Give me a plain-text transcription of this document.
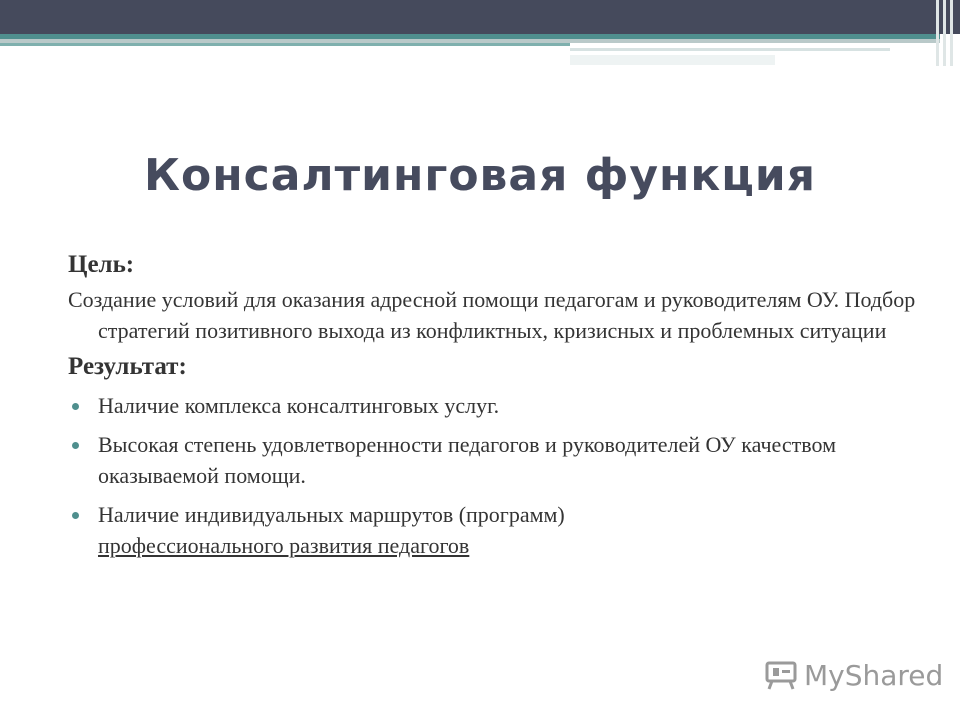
Консалтинговая функция
Цель:
Создание условий для оказания адресной помощи педагогам и руководителям ОУ. Подбор стратегий позитивного выхода из конфликтных, кризисных и проблемных ситуации
Результат:
Наличие комплекса консалтинговых услуг.
Высокая степень удовлетворенности педагогов и руководителей ОУ качеством оказываемой помощи.
Наличие индивидуальных маршрутов (программ)
профессионального развития педагогов
MyShared
